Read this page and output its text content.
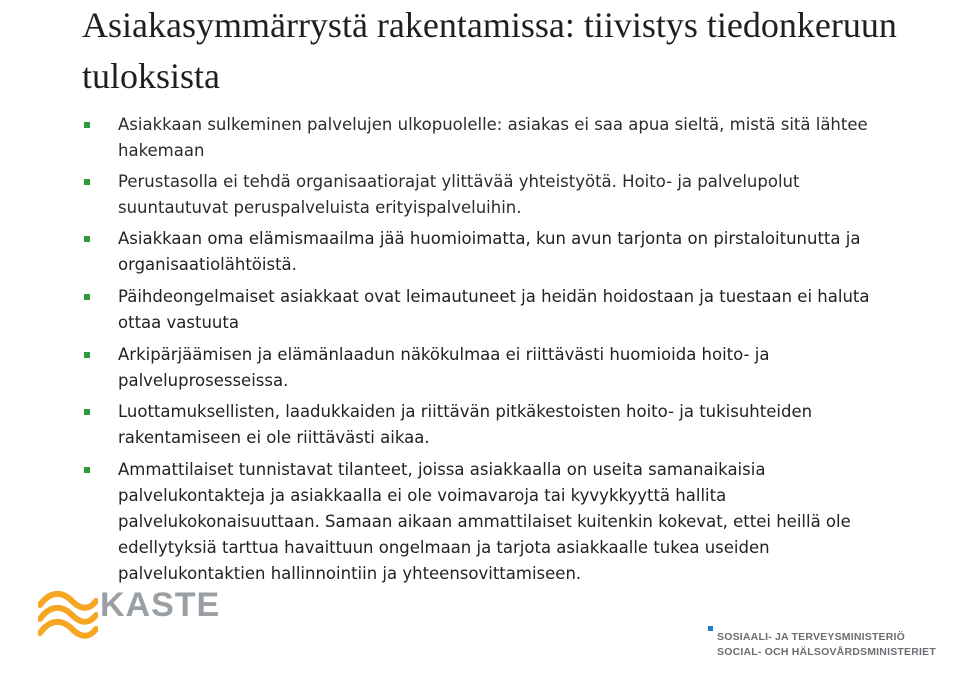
Asiakasymmärrystä rakentamissa: tiivistys tiedonkeruun tuloksista
Asiakkaan sulkeminen palvelujen ulkopuolelle: asiakas ei saa apua sieltä, mistä sitä lähtee hakemaan
Perustasolla ei tehdä organisaatiorajat ylittävää yhteistyötä. Hoito- ja palvelupolut suuntautuvat peruspalveluista erityispalveluihin.
Asiakkaan oma elämismaailma jää huomioimatta, kun avun tarjonta on pirstaloitunutta ja organisaatiolähtöistä.
Päihdeongelmaiset asiakkaat ovat leimautuneet ja heidän hoidostaan ja tuestaan ei haluta ottaa vastuuta
Arkipärjäämisen ja elämänlaadun näkökulmaa ei riittävästi huomioida hoito- ja palveluprosesseissa.
Luottamuksellisten, laadukkaiden ja riittävän pitkäkestoisten hoito- ja tukisuhteiden rakentamiseen ei ole riittävästi aikaa.
Ammattilaiset tunnistavat tilanteet, joissa asiakkaalla on useita samanaikaisia palvelukontakteja ja asiakkaalla ei ole voimavaroja tai kyvykkyyttä hallita palvelukokonaisuuttaan. Samaan aikaan ammattilaiset kuitenkin kokevat, ettei heillä ole edellytyksiä tarttua havaittuun ongelmaan ja tarjota asiakkaalle tukea useiden palvelukontaktien hallinnointiin ja yhteensovittamiseen.
KASTE
SOSIAALI- JA TERVEYSMINISTERIÖ
SOCIAL- OCH HÄLSOVÅRDSMINISTERIET
